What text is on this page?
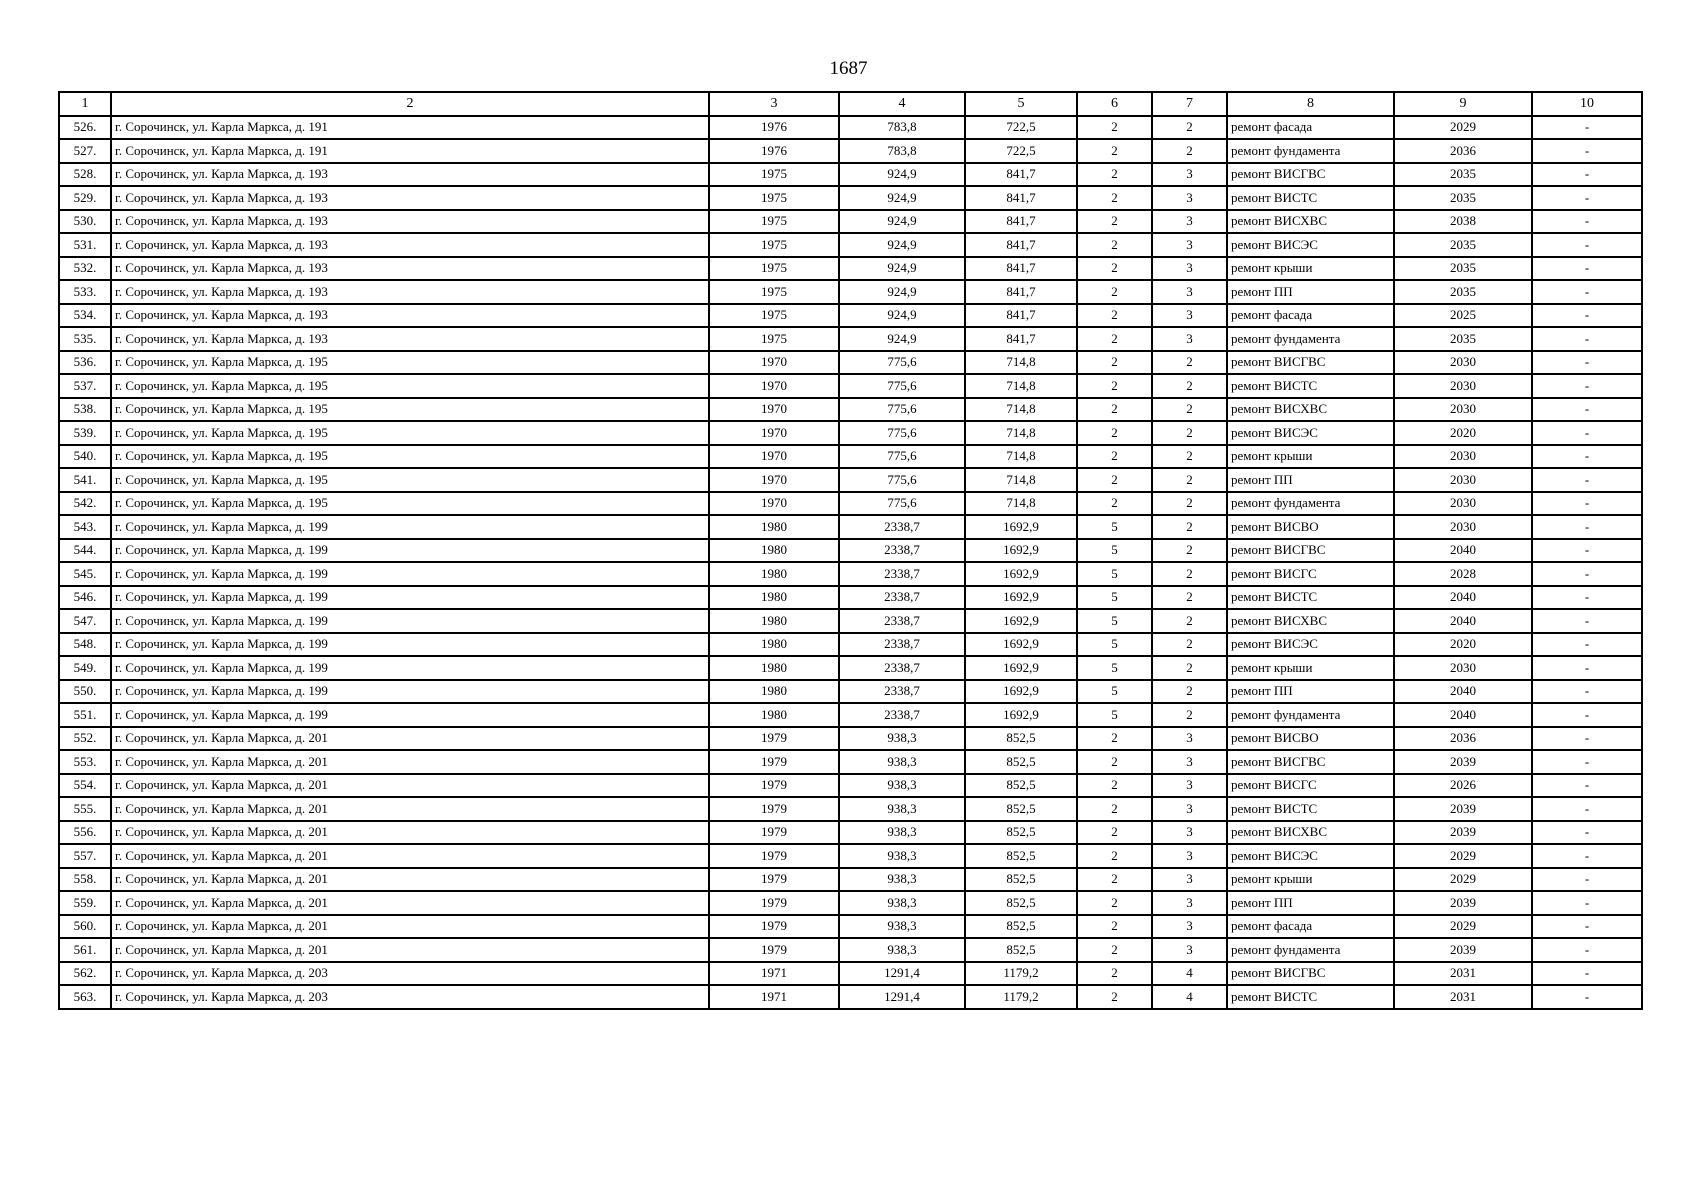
1687
1	2	3	4	5	6	7	8	9	10
526.	г. Сорочинск, ул. Карла Маркса, д. 191	1976	783,8	722,5	2	2	ремонт фасада	2029	-
527.	г. Сорочинск, ул. Карла Маркса, д. 191	1976	783,8	722,5	2	2	ремонт фундамента	2036	-
528.	г. Сорочинск, ул. Карла Маркса, д. 193	1975	924,9	841,7	2	3	ремонт ВИСГВС	2035	-
529.	г. Сорочинск, ул. Карла Маркса, д. 193	1975	924,9	841,7	2	3	ремонт ВИСТС	2035	-
530.	г. Сорочинск, ул. Карла Маркса, д. 193	1975	924,9	841,7	2	3	ремонт ВИСХВС	2038	-
531.	г. Сорочинск, ул. Карла Маркса, д. 193	1975	924,9	841,7	2	3	ремонт ВИСЭС	2035	-
532.	г. Сорочинск, ул. Карла Маркса, д. 193	1975	924,9	841,7	2	3	ремонт крыши	2035	-
533.	г. Сорочинск, ул. Карла Маркса, д. 193	1975	924,9	841,7	2	3	ремонт ПП	2035	-
534.	г. Сорочинск, ул. Карла Маркса, д. 193	1975	924,9	841,7	2	3	ремонт фасада	2025	-
535.	г. Сорочинск, ул. Карла Маркса, д. 193	1975	924,9	841,7	2	3	ремонт фундамента	2035	-
536.	г. Сорочинск, ул. Карла Маркса, д. 195	1970	775,6	714,8	2	2	ремонт ВИСГВС	2030	-
537.	г. Сорочинск, ул. Карла Маркса, д. 195	1970	775,6	714,8	2	2	ремонт ВИСТС	2030	-
538.	г. Сорочинск, ул. Карла Маркса, д. 195	1970	775,6	714,8	2	2	ремонт ВИСХВС	2030	-
539.	г. Сорочинск, ул. Карла Маркса, д. 195	1970	775,6	714,8	2	2	ремонт ВИСЭС	2020	-
540.	г. Сорочинск, ул. Карла Маркса, д. 195	1970	775,6	714,8	2	2	ремонт крыши	2030	-
541.	г. Сорочинск, ул. Карла Маркса, д. 195	1970	775,6	714,8	2	2	ремонт ПП	2030	-
542.	г. Сорочинск, ул. Карла Маркса, д. 195	1970	775,6	714,8	2	2	ремонт фундамента	2030	-
543.	г. Сорочинск, ул. Карла Маркса, д. 199	1980	2338,7	1692,9	5	2	ремонт ВИСВО	2030	-
544.	г. Сорочинск, ул. Карла Маркса, д. 199	1980	2338,7	1692,9	5	2	ремонт ВИСГВС	2040	-
545.	г. Сорочинск, ул. Карла Маркса, д. 199	1980	2338,7	1692,9	5	2	ремонт ВИСГС	2028	-
546.	г. Сорочинск, ул. Карла Маркса, д. 199	1980	2338,7	1692,9	5	2	ремонт ВИСТС	2040	-
547.	г. Сорочинск, ул. Карла Маркса, д. 199	1980	2338,7	1692,9	5	2	ремонт ВИСХВС	2040	-
548.	г. Сорочинск, ул. Карла Маркса, д. 199	1980	2338,7	1692,9	5	2	ремонт ВИСЭС	2020	-
549.	г. Сорочинск, ул. Карла Маркса, д. 199	1980	2338,7	1692,9	5	2	ремонт крыши	2030	-
550.	г. Сорочинск, ул. Карла Маркса, д. 199	1980	2338,7	1692,9	5	2	ремонт ПП	2040	-
551.	г. Сорочинск, ул. Карла Маркса, д. 199	1980	2338,7	1692,9	5	2	ремонт фундамента	2040	-
552.	г. Сорочинск, ул. Карла Маркса, д. 201	1979	938,3	852,5	2	3	ремонт ВИСВО	2036	-
553.	г. Сорочинск, ул. Карла Маркса, д. 201	1979	938,3	852,5	2	3	ремонт ВИСГВС	2039	-
554.	г. Сорочинск, ул. Карла Маркса, д. 201	1979	938,3	852,5	2	3	ремонт ВИСГС	2026	-
555.	г. Сорочинск, ул. Карла Маркса, д. 201	1979	938,3	852,5	2	3	ремонт ВИСТС	2039	-
556.	г. Сорочинск, ул. Карла Маркса, д. 201	1979	938,3	852,5	2	3	ремонт ВИСХВС	2039	-
557.	г. Сорочинск, ул. Карла Маркса, д. 201	1979	938,3	852,5	2	3	ремонт ВИСЭС	2029	-
558.	г. Сорочинск, ул. Карла Маркса, д. 201	1979	938,3	852,5	2	3	ремонт крыши	2029	-
559.	г. Сорочинск, ул. Карла Маркса, д. 201	1979	938,3	852,5	2	3	ремонт ПП	2039	-
560.	г. Сорочинск, ул. Карла Маркса, д. 201	1979	938,3	852,5	2	3	ремонт фасада	2029	-
561.	г. Сорочинск, ул. Карла Маркса, д. 201	1979	938,3	852,5	2	3	ремонт фундамента	2039	-
562.	г. Сорочинск, ул. Карла Маркса, д. 203	1971	1291,4	1179,2	2	4	ремонт ВИСГВС	2031	-
563.	г. Сорочинск, ул. Карла Маркса, д. 203	1971	1291,4	1179,2	2	4	ремонт ВИСТС	2031	-
